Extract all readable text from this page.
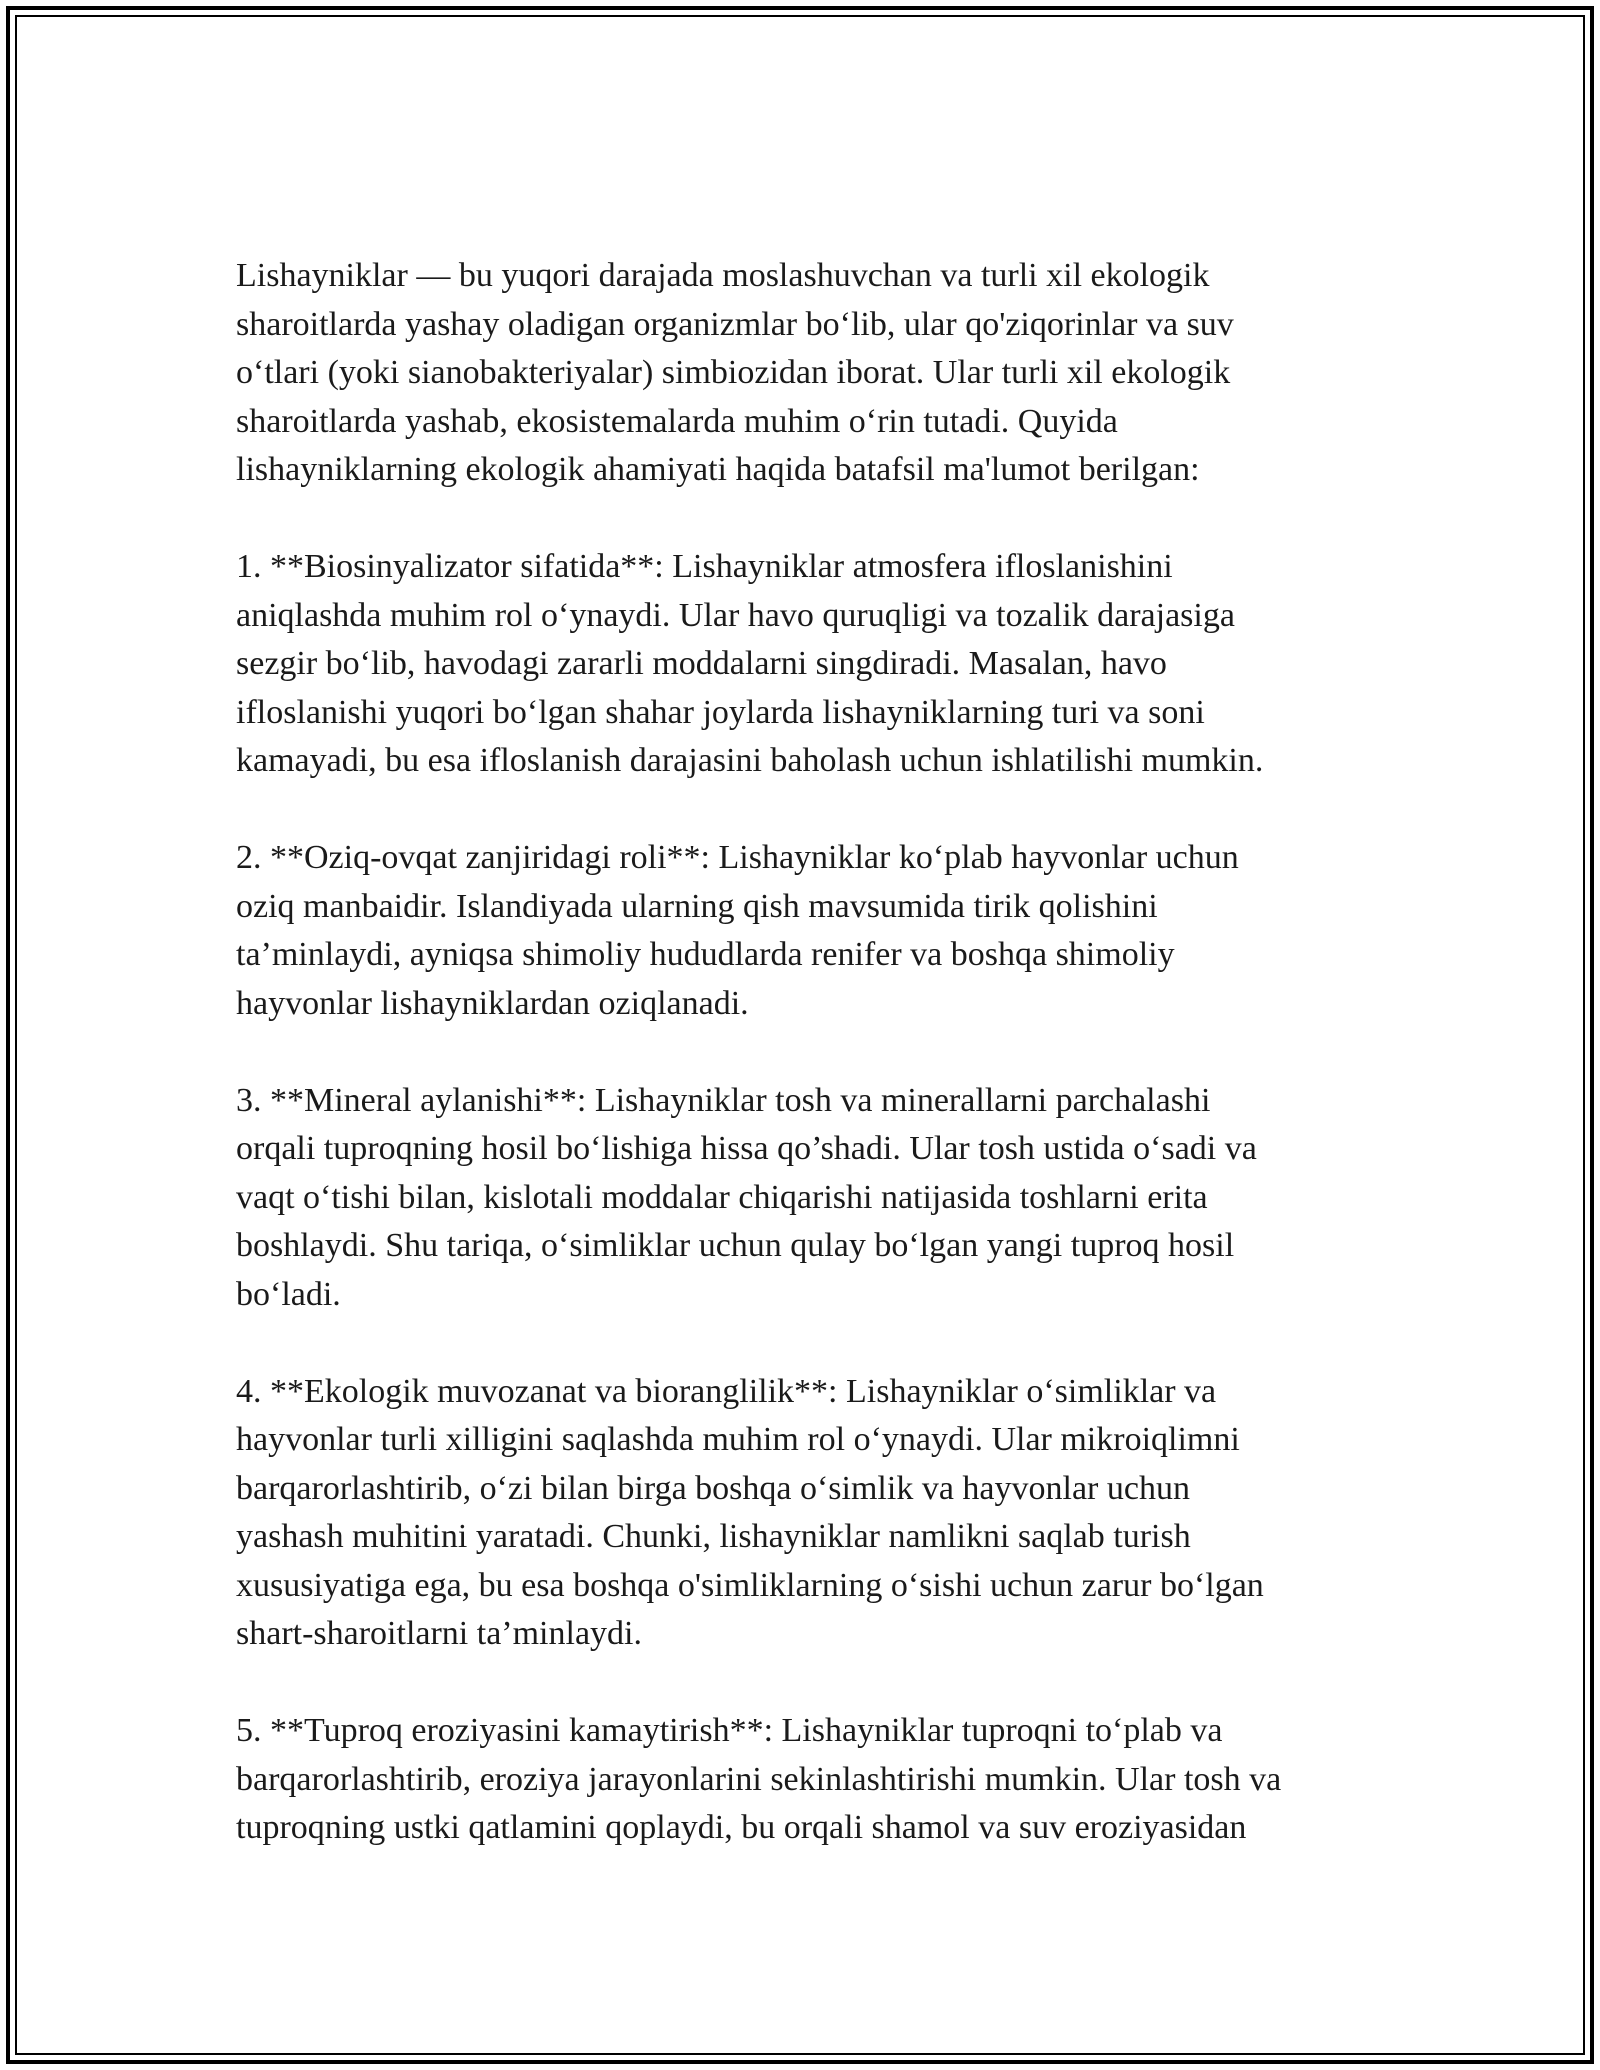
Lishayniklar — bu yuqori darajada moslashuvchan va turli xil ekologik
sharoitlarda yashay oladigan organizmlar bo‘lib, ular qo'ziqorinlar va suv
o‘tlari (yoki sianobakteriyalar) simbiozidan iborat. Ular turli xil ekologik
sharoitlarda yashab, ekosistemalarda muhim o‘rin tutadi. Quyida
lishayniklarning ekologik ahamiyati haqida batafsil ma'lumot berilgan:

1. **Biosinyalizator sifatida**: Lishayniklar atmosfera ifloslanishini
aniqlashda muhim rol o‘ynaydi. Ular havo quruqligi va tozalik darajasiga
sezgir bo‘lib, havodagi zararli moddalarni singdiradi. Masalan, havo
ifloslanishi yuqori bo‘lgan shahar joylarda lishayniklarning turi va soni
kamayadi, bu esa ifloslanish darajasini baholash uchun ishlatilishi mumkin.

2. **Oziq-ovqat zanjiridagi roli**: Lishayniklar ko‘plab hayvonlar uchun
oziq manbaidir. Islandiyada ularning qish mavsumida tirik qolishini
ta’minlaydi, ayniqsa shimoliy hududlarda renifer va boshqa shimoliy
hayvonlar lishayniklardan oziqlanadi.

3. **Mineral aylanishi**: Lishayniklar tosh va minerallarni parchalashi
orqali tuproqning hosil bo‘lishiga hissa qo’shadi. Ular tosh ustida o‘sadi va
vaqt o‘tishi bilan, kislotali moddalar chiqarishi natijasida toshlarni erita
boshlaydi. Shu tariqa, o‘simliklar uchun qulay bo‘lgan yangi tuproq hosil
bo‘ladi.

4. **Ekologik muvozanat va bioranglilik**: Lishayniklar o‘simliklar va
hayvonlar turli xilligini saqlashda muhim rol o‘ynaydi. Ular mikroiqlimni
barqarorlashtirib, o‘zi bilan birga boshqa o‘simlik va hayvonlar uchun
yashash muhitini yaratadi. Chunki, lishayniklar namlikni saqlab turish
xususiyatiga ega, bu esa boshqa o'simliklarning o‘sishi uchun zarur bo‘lgan
shart-sharoitlarni ta’minlaydi.

5. **Tuproq eroziyasini kamaytirish**: Lishayniklar tuproqni to‘plab va
barqarorlashtirib, eroziya jarayonlarini sekinlashtirishi mumkin. Ular tosh va
tuproqning ustki qatlamini qoplaydi, bu orqali shamol va suv eroziyasidan
